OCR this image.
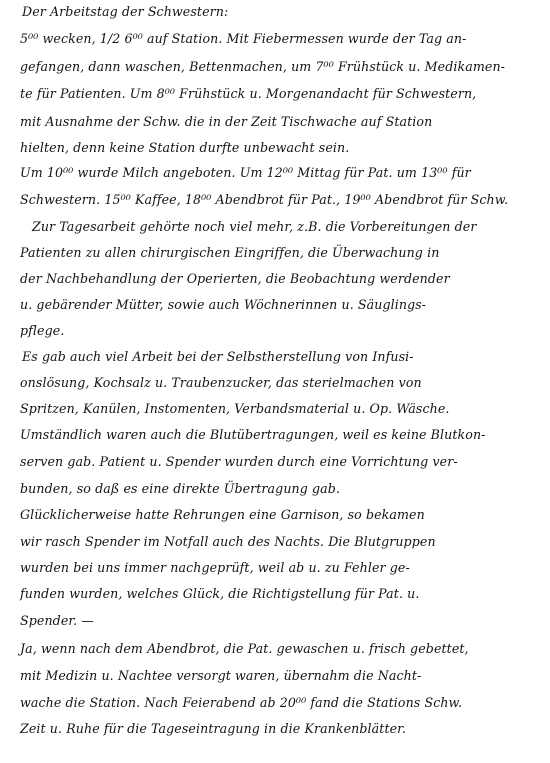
Der Arbeitstag der Schwestern:
5⁰⁰ wecken, 1/2 6⁰⁰ auf Station. Mit Fiebermessen wurde der Tag an-
gefangen, dann waschen, Bettenmachen, um 7⁰⁰ Frühstück u. Medikamen-
te für Patienten. Um 8⁰⁰ Frühstück u. Morgenandacht für Schwestern,
mit Ausnahme der Schw. die in der Zeit Tischwache auf Station
hielten, denn keine Station durfte unbewacht sein.
Um 10⁰⁰ wurde Milch angeboten. Um 12⁰⁰ Mittag für Pat. um 13⁰⁰ für
Schwestern. 15⁰⁰ Kaffee, 18⁰⁰ Abendbrot für Pat., 19⁰⁰ Abendbrot für Schw.
Zur Tagesarbeit gehörte noch viel mehr, z.B. die Vorbereitungen der
Patienten zu allen chirurgischen Eingriffen, die Überwachung in
der Nachbehandlung der Operierten, die Beobachtung werdender
u. gebärender Mütter, sowie auch Wöchnerinnen u. Säuglings-
pflege.
Es gab auch viel Arbeit bei der Selbstherstellung von Infusi-
onslösung, Kochsalz u. Traubenzucker, das sterielmachen von
Spritzen, Kanülen, Instomenten, Verbandsmaterial u. Op. Wäsche.
Umständlich waren auch die Blutübertragungen, weil es keine Blutkon-
serven gab. Patient u. Spender wurden durch eine Vorrichtung ver-
bunden, so daß es eine direkte Übertragung gab.
Glücklicherweise hatte Rehrungen eine Garnison, so bekamen
wir rasch Spender im Notfall auch des Nachts. Die Blutgruppen
wurden bei uns immer nachgeprüft, weil ab u. zu Fehler ge-
funden wurden, welches Glück, die Richtigstellung für Pat. u.
Spender. —
Ja, wenn nach dem Abendbrot, die Pat. gewaschen u. frisch gebettet,
mit Medizin u. Nachtee versorgt waren, übernahm die Nacht-
wache die Station. Nach Feierabend ab 20⁰⁰ fand die Stations Schw.
Zeit u. Ruhe für die Tageseintragung in die Krankenblätter.
